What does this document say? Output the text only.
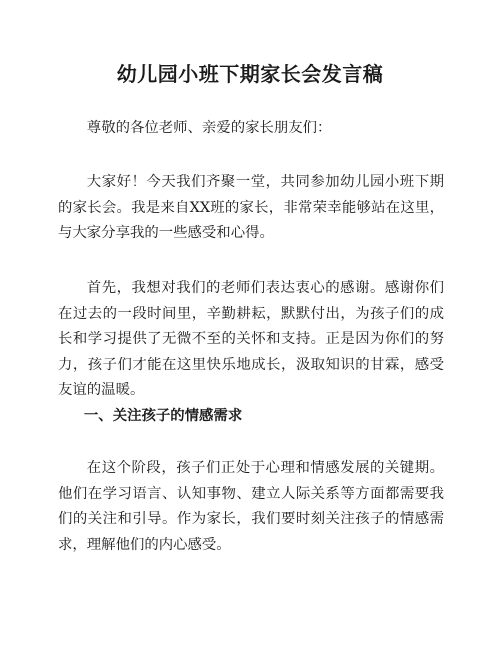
幼儿园小班下期家长会发言稿

尊敬的各位老师、亲爱的家长朋友们：

大家好！今天我们齐聚一堂，共同参加幼儿园小班下期的家长会。我是来自XX班的家长，非常荣幸能够站在这里，与大家分享我的一些感受和心得。

首先，我想对我们的老师们表达衷心的感谢。感谢你们在过去的一段时间里，辛勤耕耘，默默付出，为孩子们的成长和学习提供了无微不至的关怀和支持。正是因为你们的努力，孩子们才能在这里快乐地成长，汲取知识的甘霖，感受友谊的温暖。

一、关注孩子的情感需求

在这个阶段，孩子们正处于心理和情感发展的关键期。他们在学习语言、认知事物、建立人际关系等方面都需要我们的关注和引导。作为家长，我们要时刻关注孩子的情感需求，理解他们的内心感受。
